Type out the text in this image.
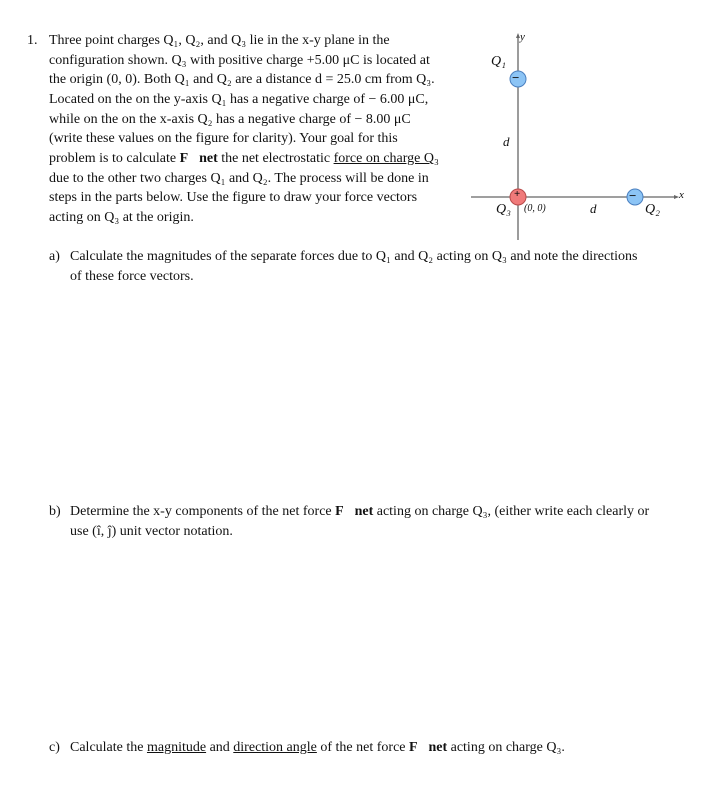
1. Three point charges Q₁, Q₂, and Q₃ lie in the x-y plane in the
configuration shown. Q₃ with positive charge +5.00 μC is located at
the origin (0, 0). Both Q₁ and Q₂ are a distance d = 25.0 cm from Q₃.
Located on the on the y-axis Q₁ has a negative charge of − 6.00 μC,
while on the on the x-axis Q₂ has a negative charge of − 8.00 μC
(write these values on the figure for clarity). Your goal for this
problem is to calculate F⃗net the net electrostatic force on charge Q₃
due to the other two charges Q₁ and Q₂. The process will be done in
steps in the parts below. Use the figure to draw your force vectors
acting on Q₃ at the origin.
y
x
−
−
+
Q₁
d
Q₃ (0, 0)	d	Q₂
a) Calculate the magnitudes of the separate forces due to Q₁ and Q₂ acting on Q₃ and note the directions
of these force vectors.
b) Determine the x-y components of the net force F⃗net acting on charge Q₃, (either write each clearly or
use (î, ĵ) unit vector notation.
c) Calculate the magnitude and direction angle of the net force F⃗net acting on charge Q₃.
